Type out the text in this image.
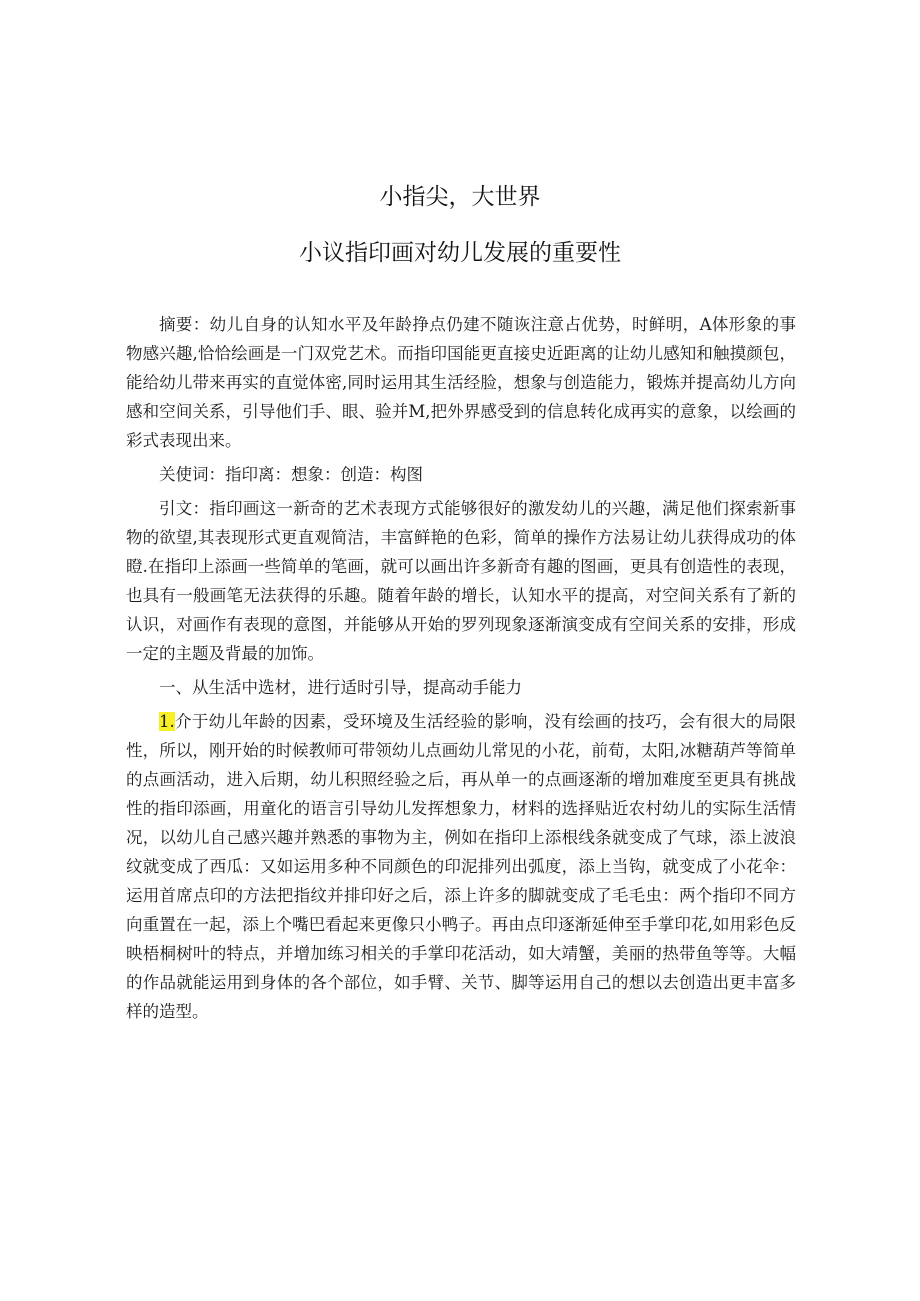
小指尖，大世界
小议指印画对幼儿发展的重要性

摘要：幼儿自身的认知水平及年龄挣点仍建不随诙注意占优势，时鲜明，A体形象的事物感兴趣,恰恰绘画是一门双党艺术。而指印国能更直接史近距离的让幼儿感知和触摸颜包，能给幼儿带来再实的直觉体密,同时运用其生活经脸，想象与创造能力，锻炼并提高幼儿方向感和空间关系，引导他们手、眼、验并M,把外界感受到的信息转化成再实的意象，以绘画的彩式表现出来。

关使词：指印离：想象：创造：构图

引文：指印画这一新奇的艺术表现方式能够很好的激发幼儿的兴趣，满足他们探索新事物的欲望,其表现形式更直观简洁，丰富鲜艳的色彩，简单的操作方法易让幼儿获得成功的体瞪.在指印上添画一些简单的笔画，就可以画出许多新奇有趣的图画，更具有创造性的表现，也具有一般画笔无法获得的乐趣。随着年龄的增长，认知水平的提高，对空间关系有了新的认识，对画作有表现的意图，并能够从开始的罗列现象逐渐演变成有空间关系的安排，形成一定的主题及背最的加饰。

一、从生活中选材，进行适时引导，提高动手能力

1.介于幼儿年龄的因素，受环境及生活经验的影响，没有绘画的技巧，会有很大的局限性，所以，刚开始的时候教师可带领幼儿点画幼儿常见的小花，前荀，太阳,冰糖葫芦等简单的点画活动，进入后期，幼儿积照经验之后，再从单一的点画逐渐的增加难度至更具有挑战性的指印添画，用童化的语言引导幼儿发挥想象力，材料的选择贴近农村幼儿的实际生活情况，以幼儿自己感兴趣并熟悉的事物为主，例如在指印上添根线条就变成了气球，添上波浪纹就变成了西瓜：又如运用多种不同颜色的印泥排列出弧度，添上当钩，就变成了小花伞：运用首席点印的方法把指纹并排印好之后，添上许多的脚就变成了毛毛虫：两个指印不同方向重置在一起，添上个嘴巴看起来更像只小鸭子。再由点印逐渐延伸至手掌印花,如用彩色反映梧桐树叶的特点，并增加练习相关的手掌印花活动，如大靖蟹，美丽的热带鱼等等。大幅的作品就能运用到身体的各个部位，如手臂、关节、脚等运用自己的想以去创造出更丰富多样的造型。
